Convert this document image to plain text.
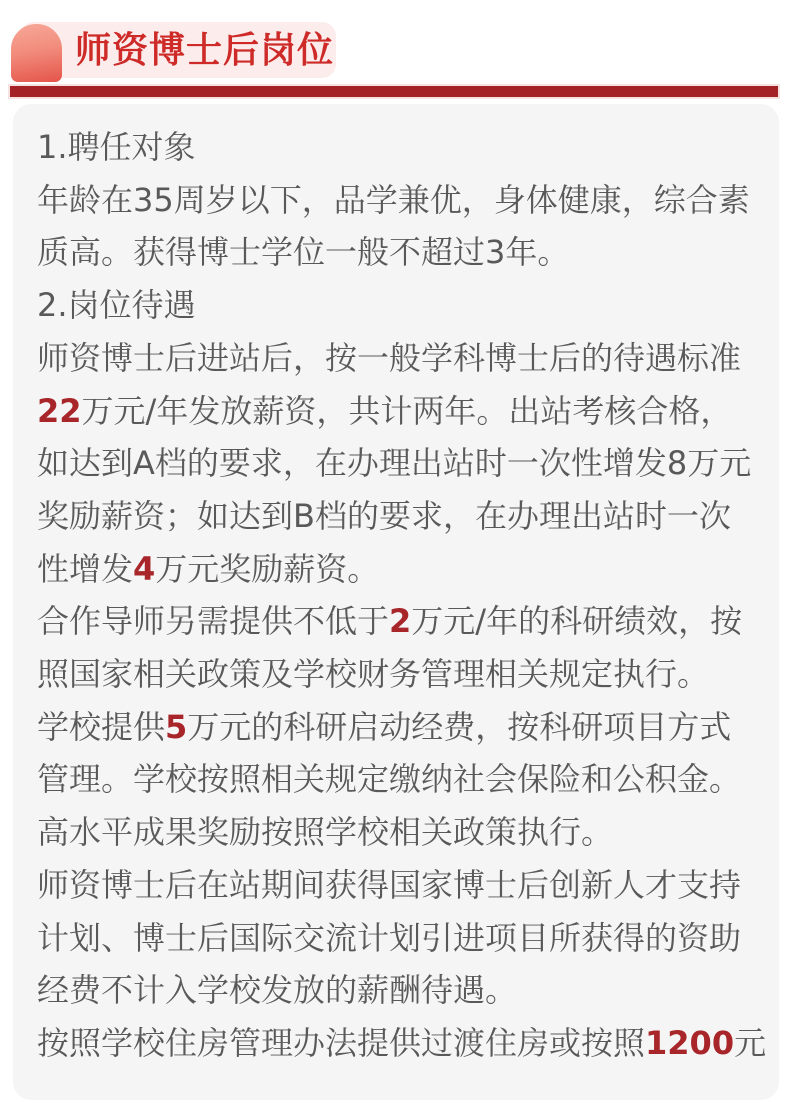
师资博士后岗位
1.聘任对象
年龄在35周岁以下，品学兼优，身体健康，综合素
质高。获得博士学位一般不超过3年。
2.岗位待遇
师资博士后进站后，按一般学科博士后的待遇标准
22万元/年发放薪资，共计两年。出站考核合格，
如达到A档的要求，在办理出站时一次性增发8万元
奖励薪资；如达到B档的要求，在办理出站时一次
性增发4万元奖励薪资。
合作导师另需提供不低于2万元/年的科研绩效，按
照国家相关政策及学校财务管理相关规定执行。
学校提供5万元的科研启动经费，按科研项目方式
管理。学校按照相关规定缴纳社会保险和公积金。
高水平成果奖励按照学校相关政策执行。
师资博士后在站期间获得国家博士后创新人才支持
计划、博士后国际交流计划引进项目所获得的资助
经费不计入学校发放的薪酬待遇。
按照学校住房管理办法提供过渡住房或按照1200元
